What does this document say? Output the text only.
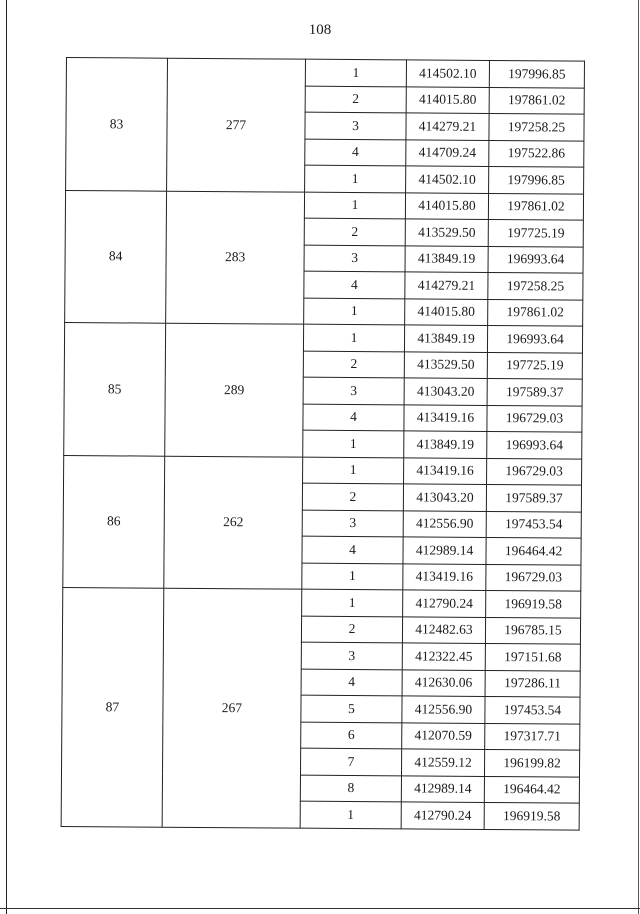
108
83	277	1	414502.10	197996.85
		2	414015.80	197861.02
		3	414279.21	197258.25
		4	414709.24	197522.86
		1	414502.10	197996.85
84	283	1	414015.80	197861.02
		2	413529.50	197725.19
		3	413849.19	196993.64
		4	414279.21	197258.25
		1	414015.80	197861.02
85	289	1	413849.19	196993.64
		2	413529.50	197725.19
		3	413043.20	197589.37
		4	413419.16	196729.03
		1	413849.19	196993.64
86	262	1	413419.16	196729.03
		2	413043.20	197589.37
		3	412556.90	197453.54
		4	412989.14	196464.42
		1	413419.16	196729.03
87	267	1	412790.24	196919.58
		2	412482.63	196785.15
		3	412322.45	197151.68
		4	412630.06	197286.11
		5	412556.90	197453.54
		6	412070.59	197317.71
		7	412559.12	196199.82
		8	412989.14	196464.42
		1	412790.24	196919.58
